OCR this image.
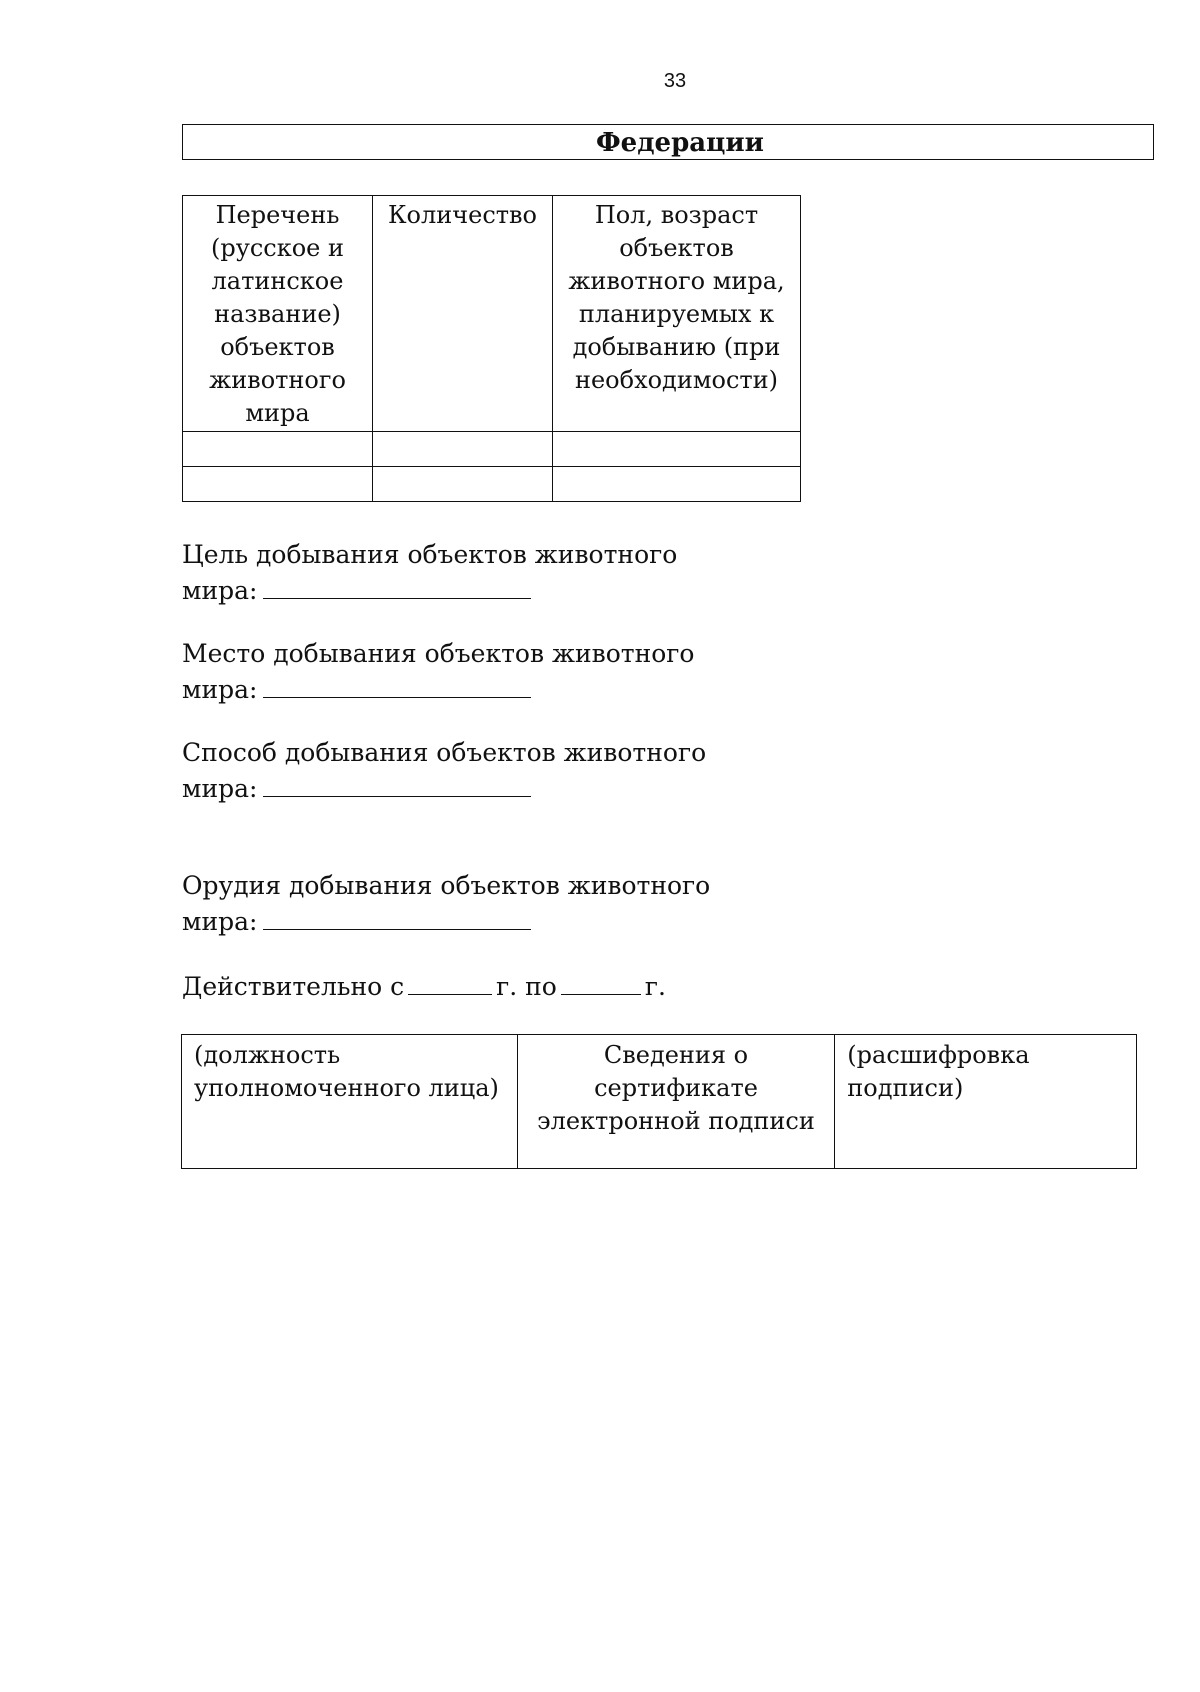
33
Федерации
Перечень (русское и латинское название) объектов животного мира	Количество	Пол, возраст объектов животного мира, планируемых к добыванию (при необходимости)

Цель добывания объектов животного
мира:
Место добывания объектов животного
мира:
Способ добывания объектов животного
мира:
Орудия добывания объектов животного
мира:
Действительно с	г. по	г.
(должность уполномоченного лица)	Сведения о сертификате электронной подписи	(расшифровка подписи)
